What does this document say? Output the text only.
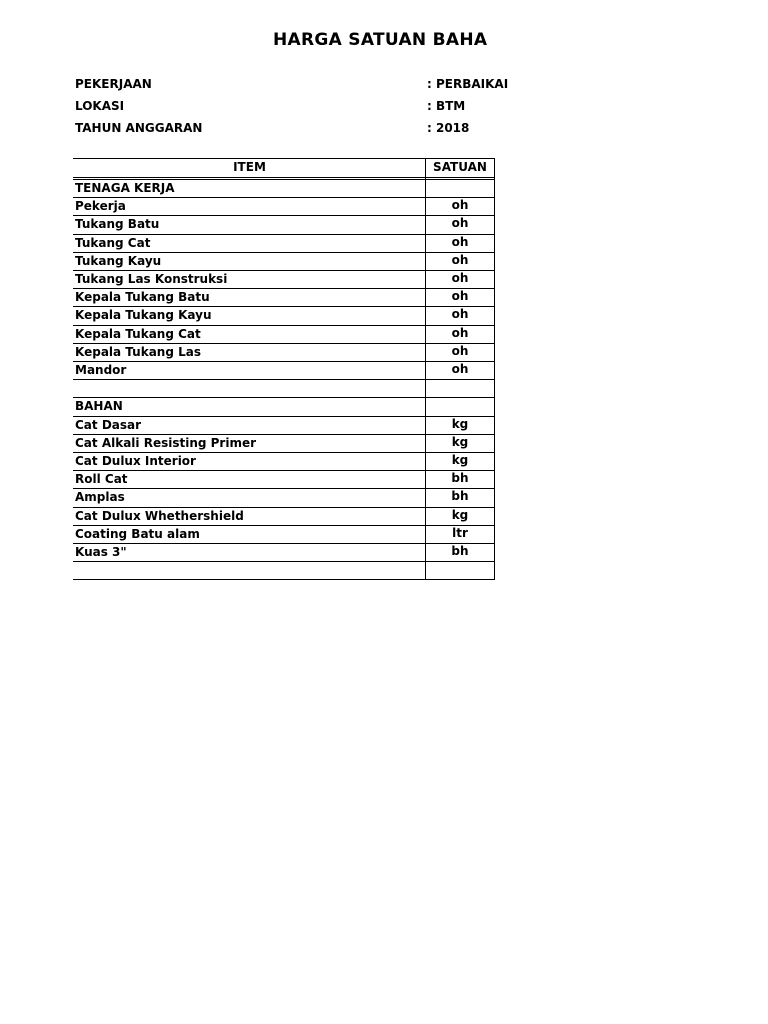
HARGA SATUAN BAHA
PEKERJAAN	: PERBAIKAI
LOKASI	: BTM
TAHUN ANGGARAN	: 2018
ITEM	SATUAN
TENAGA KERJA
Pekerja	oh
Tukang Batu	oh
Tukang Cat	oh
Tukang Kayu	oh
Tukang Las Konstruksi	oh
Kepala Tukang Batu	oh
Kepala Tukang Kayu	oh
Kepala Tukang Cat	oh
Kepala Tukang Las	oh
Mandor	oh
BAHAN
Cat Dasar	kg
Cat Alkali Resisting Primer	kg
Cat Dulux Interior	kg
Roll Cat	bh
Amplas	bh
Cat Dulux Whethershield	kg
Coating Batu alam	ltr
Kuas 3"	bh
